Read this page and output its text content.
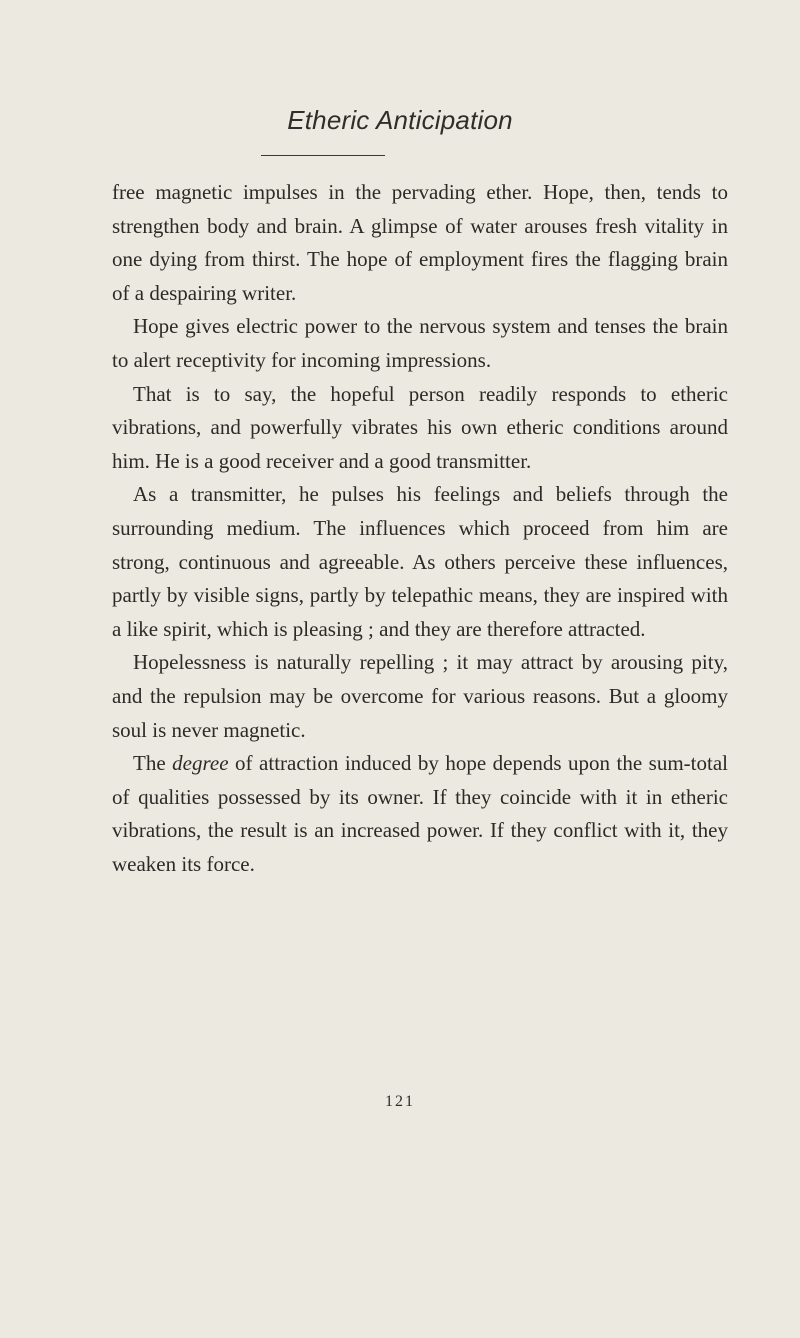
Etheric Anticipation

free magnetic impulses in the pervading ether. Hope, then, tends to strengthen body and brain. A glimpse of water arouses fresh vitality in one dying from thirst. The hope of employment fires the flagging brain of a despairing writer.

Hope gives electric power to the nervous system and tenses the brain to alert receptivity for incoming impressions.

That is to say, the hopeful person readily responds to etheric vibrations, and powerfully vibrates his own etheric conditions around him. He is a good receiver and a good transmitter.

As a transmitter, he pulses his feelings and beliefs through the surrounding medium. The influences which proceed from him are strong, continuous and agreeable. As others perceive these influences, partly by visible signs, partly by telepathic means, they are inspired with a like spirit, which is pleasing ; and they are therefore attracted.

Hopelessness is naturally repelling ; it may attract by arousing pity, and the repulsion may be overcome for various reasons. But a gloomy soul is never magnetic.

The degree of attraction induced by hope depends upon the sum-total of qualities possessed by its owner. If they coincide with it in etheric vibrations, the result is an increased power. If they conflict with it, they weaken its force.

121
